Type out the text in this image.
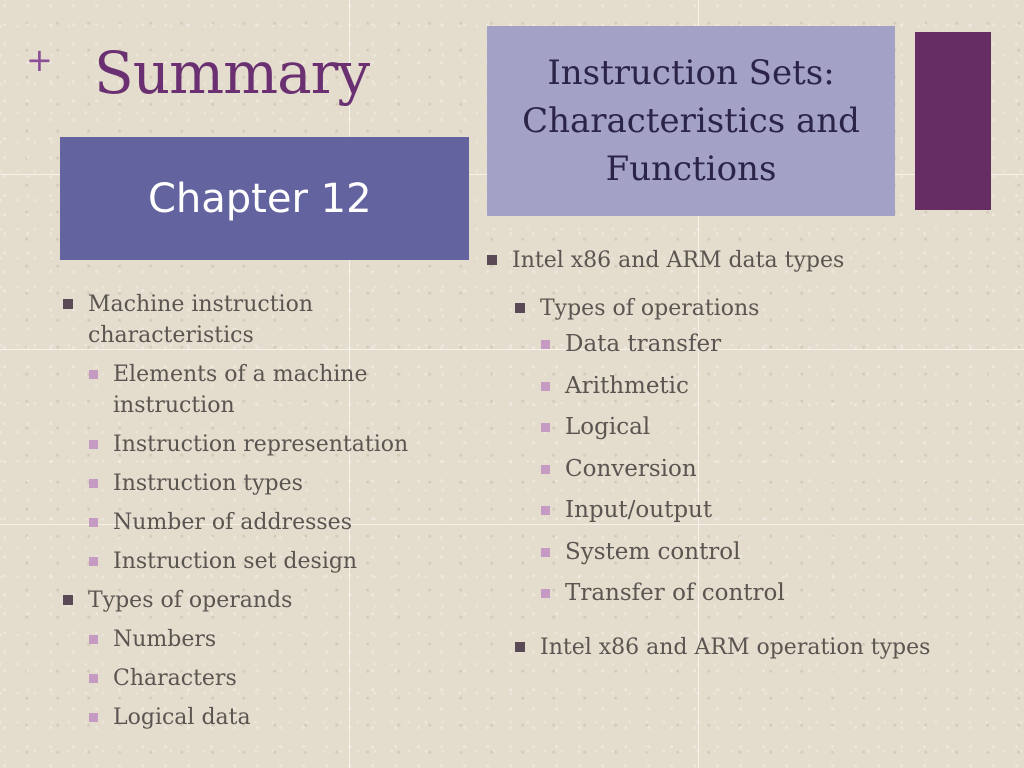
+ Summary
Chapter 12
Instruction Sets: Characteristics and Functions
Machine instruction characteristics
Elements of a machine instruction
Instruction representation
Instruction types
Number of addresses
Instruction set design
Types of operands
Numbers
Characters
Logical data
Intel x86 and ARM data types
Types of operations
Data transfer
Arithmetic
Logical
Conversion
Input/output
System control
Transfer of control
Intel x86 and ARM operation types
